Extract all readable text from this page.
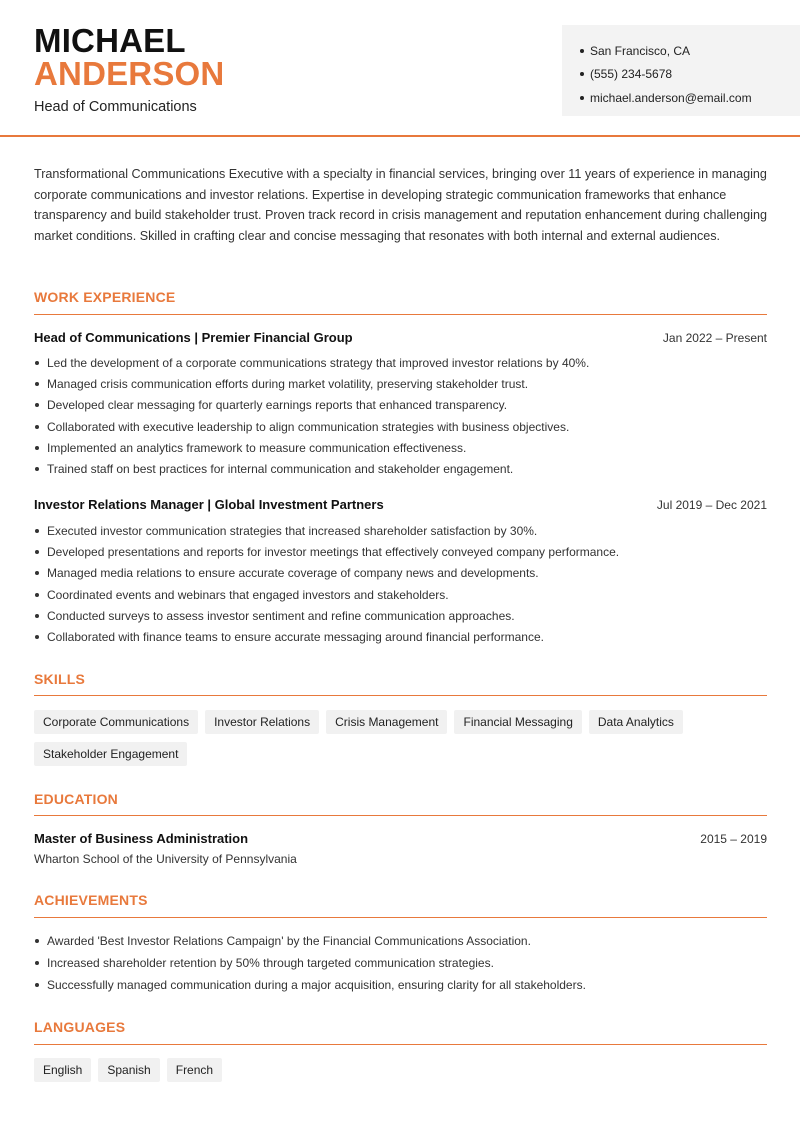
MICHAEL
ANDERSON
Head of Communications
San Francisco, CA
(555) 234-5678
michael.anderson@email.com

Transformational Communications Executive with a specialty in financial services, bringing over 11 years of experience in managing corporate communications and investor relations. Expertise in developing strategic communication frameworks that enhance transparency and build stakeholder trust. Proven track record in crisis management and reputation enhancement during challenging market conditions. Skilled in crafting clear and concise messaging that resonates with both internal and external audiences.

WORK EXPERIENCE
Head of Communications | Premier Financial Group	Jan 2022 – Present
Led the development of a corporate communications strategy that improved investor relations by 40%.
Managed crisis communication efforts during market volatility, preserving stakeholder trust.
Developed clear messaging for quarterly earnings reports that enhanced transparency.
Collaborated with executive leadership to align communication strategies with business objectives.
Implemented an analytics framework to measure communication effectiveness.
Trained staff on best practices for internal communication and stakeholder engagement.
Investor Relations Manager | Global Investment Partners	Jul 2019 – Dec 2021
Executed investor communication strategies that increased shareholder satisfaction by 30%.
Developed presentations and reports for investor meetings that effectively conveyed company performance.
Managed media relations to ensure accurate coverage of company news and developments.
Coordinated events and webinars that engaged investors and stakeholders.
Conducted surveys to assess investor sentiment and refine communication approaches.
Collaborated with finance teams to ensure accurate messaging around financial performance.
SKILLS
Corporate Communications	Investor Relations	Crisis Management	Financial Messaging	Data Analytics
Stakeholder Engagement
EDUCATION
Master of Business Administration	2015 – 2019
Wharton School of the University of Pennsylvania
ACHIEVEMENTS
Awarded 'Best Investor Relations Campaign' by the Financial Communications Association.
Increased shareholder retention by 50% through targeted communication strategies.
Successfully managed communication during a major acquisition, ensuring clarity for all stakeholders.
LANGUAGES
English	Spanish	French
